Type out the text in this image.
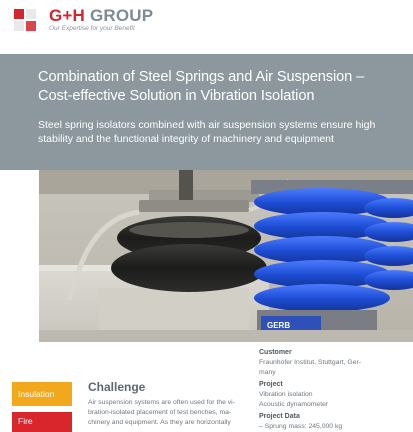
G+H GROUP
Our Expertise for your Benefit
Combination of Steel Springs and Air Suspension –
Cost-effective Solution in Vibration Isolation
Steel spring isolators combined with air suspension systems ensure high stability and the functional integrity of machinery and equipment
GERB
Insulation
Fire
Challenge
Air suspension systems are often used for the vi-
bration-isolated placement of test benches, ma-
chinery and equipment. As they are horizontally
Customer
Fraunhofer Institut, Stuttgart, Ger-
many
Project
Vibration isolation
Acoustic dynamometer
Project Data
– Sprung mass: 245,000 kg
